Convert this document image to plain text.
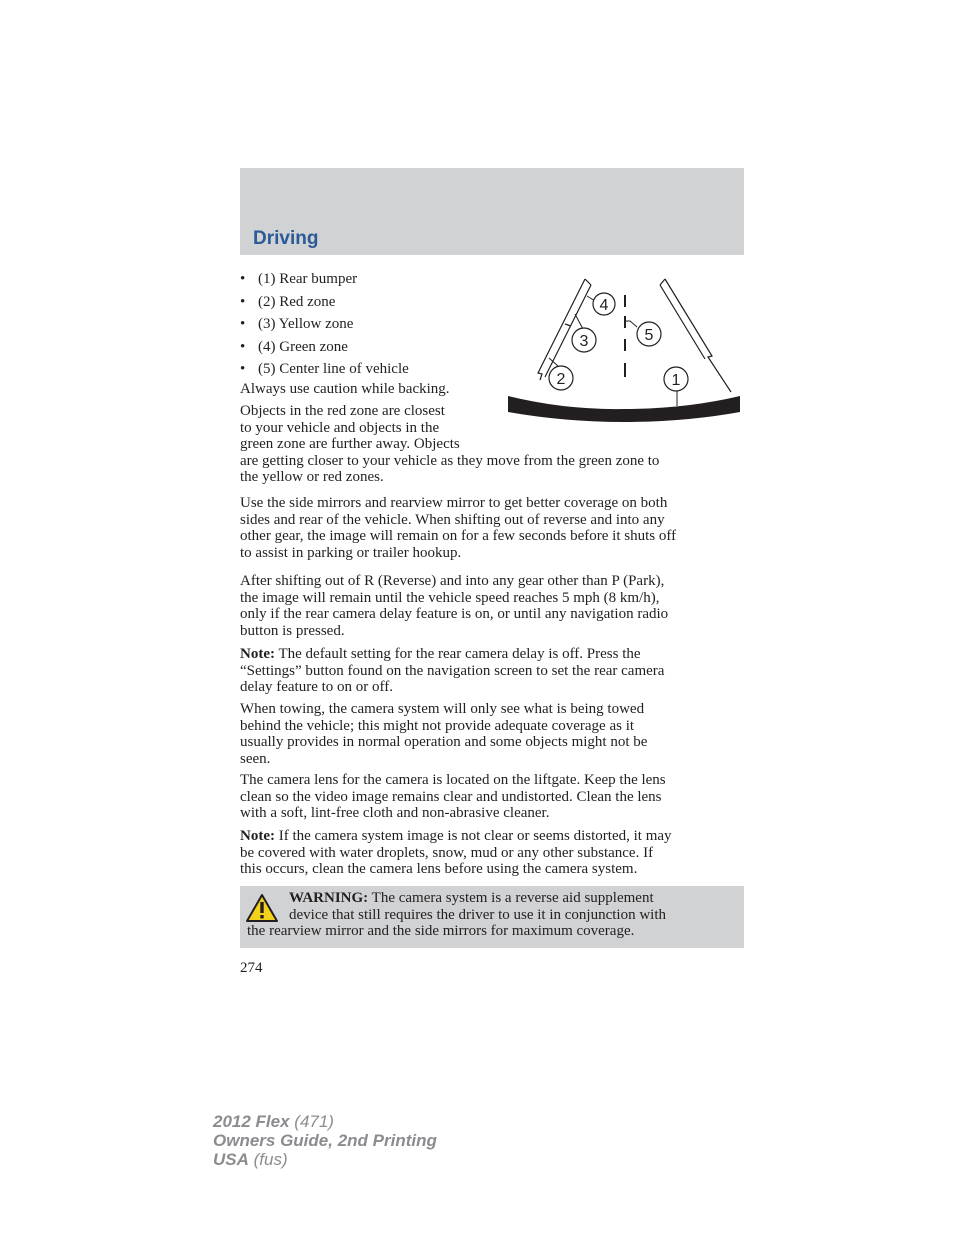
Driving
• (1) Rear bumper
• (2) Red zone
• (3) Yellow zone
• (4) Green zone
• (5) Center line of vehicle
4
3	5
2	1
Always use caution while backing.
Objects in the red zone are closest
to your vehicle and objects in the
green zone are further away. Objects
are getting closer to your vehicle as they move from the green zone to
the yellow or red zones.
Use the side mirrors and rearview mirror to get better coverage on both
sides and rear of the vehicle. When shifting out of reverse and into any
other gear, the image will remain on for a few seconds before it shuts off
to assist in parking or trailer hookup.
After shifting out of R (Reverse) and into any gear other than P (Park),
the image will remain until the vehicle speed reaches 5 mph (8 km/h),
only if the rear camera delay feature is on, or until any navigation radio
button is pressed.
Note: The default setting for the rear camera delay is off. Press the
“Settings” button found on the navigation screen to set the rear camera
delay feature to on or off.
When towing, the camera system will only see what is being towed
behind the vehicle; this might not provide adequate coverage as it
usually provides in normal operation and some objects might not be
seen.
The camera lens for the camera is located on the liftgate. Keep the lens
clean so the video image remains clear and undistorted. Clean the lens
with a soft, lint-free cloth and non-abrasive cleaner.
Note: If the camera system image is not clear or seems distorted, it may
be covered with water droplets, snow, mud or any other substance. If
this occurs, clean the camera lens before using the camera system.
WARNING: The camera system is a reverse aid supplement
device that still requires the driver to use it in conjunction with
the rearview mirror and the side mirrors for maximum coverage.
274
2012 Flex (471)
Owners Guide, 2nd Printing
USA (fus)
